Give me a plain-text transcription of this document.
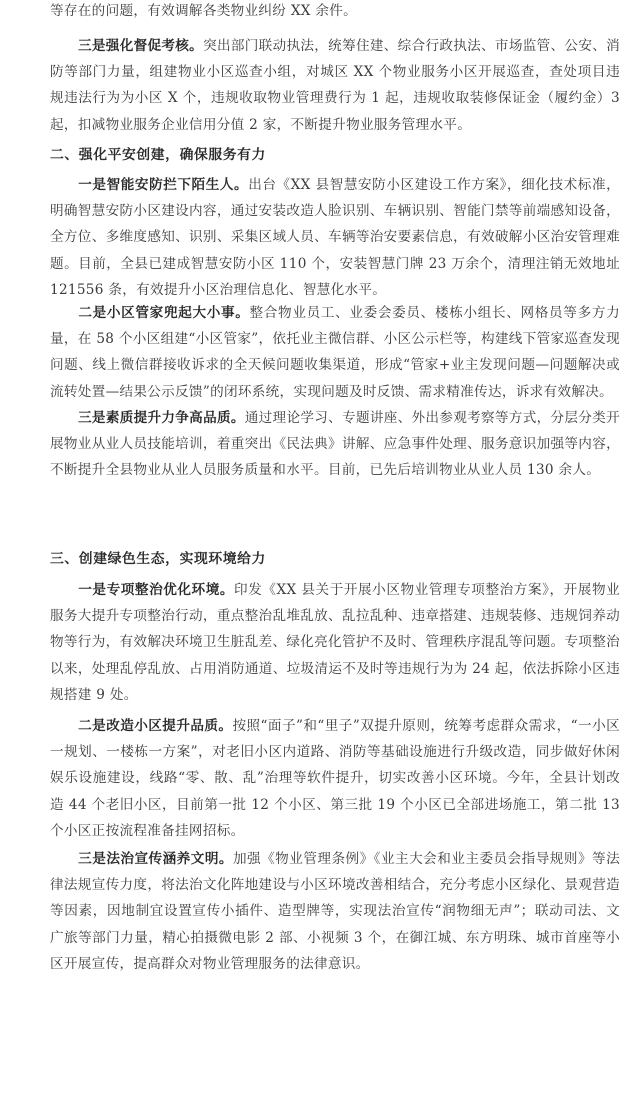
等存在的问题，有效调解各类物业纠纷 XX 余件。

三是强化督促考核。突出部门联动执法，统筹住建、综合行政执法、市场监管、公安、消防等部门力量，组建物业小区巡查小组，对城区 XX 个物业服务小区开展巡查，查处项目违规违法行为为小区 X 个，违规收取物业管理费行为 1 起，违规收取装修保证金（履约金）3 起，扣减物业服务企业信用分值 2 家，不断提升物业服务管理水平。

二、强化平安创建，确保服务有力

一是智能安防拦下陌生人。出台《XX 县智慧安防小区建设工作方案》，细化技术标准，明确智慧安防小区建设内容，通过安装改造人脸识别、车辆识别、智能门禁等前端感知设备，全方位、多维度感知、识别、采集区域人员、车辆等治安要素信息，有效破解小区治安管理难题。目前，全县已建成智慧安防小区 110 个，安装智慧门牌 23 万余个，清理注销无效地址 121556 条，有效提升小区治理信息化、智慧化水平。

二是小区管家兜起大小事。整合物业员工、业委会委员、楼栋小组长、网格员等多方力量，在 58 个小区组建“小区管家”，依托业主微信群、小区公示栏等，构建线下管家巡查发现问题、线上微信群接收诉求的全天候问题收集渠道，形成“管家+业主发现问题—问题解决或流转处置—结果公示反馈”的闭环系统，实现问题及时反馈、需求精准传达，诉求有效解决。

三是素质提升力争高品质。通过理论学习、专题讲座、外出参观考察等方式，分层分类开展物业从业人员技能培训，着重突出《民法典》讲解、应急事件处理、服务意识加强等内容，不断提升全县物业从业人员服务质量和水平。目前，已先后培训物业从业人员 130 余人。

三、创建绿色生态，实现环境给力

一是专项整治优化环境。印发《XX 县关于开展小区物业管理专项整治方案》，开展物业服务大提升专项整治行动，重点整治乱堆乱放、乱拉乱种、违章搭建、违规装修、违规饲养动物等行为，有效解决环境卫生脏乱差、绿化亮化管护不及时、管理秩序混乱等问题。专项整治以来，处理乱停乱放、占用消防通道、垃圾清运不及时等违规行为为 24 起，依法拆除小区违规搭建 9 处。

二是改造小区提升品质。按照“面子”和“里子”双提升原则，统筹考虑群众需求，“一小区一规划、一楼栋一方案”，对老旧小区内道路、消防等基础设施进行升级改造，同步做好休闲娱乐设施建设，线路“零、散、乱”治理等软件提升，切实改善小区环境。今年，全县计划改造 44 个老旧小区，目前第一批 12 个小区、第三批 19 个小区已全部进场施工，第二批 13 个小区正按流程准备挂网招标。

三是法治宣传涵养文明。加强《物业管理条例》《业主大会和业主委员会指导规则》等法律法规宣传力度，将法治文化阵地建设与小区环境改善相结合，充分考虑小区绿化、景观营造等因素，因地制宜设置宣传小插件、造型牌等，实现法治宣传“润物细无声”；联动司法、文广旅等部门力量，精心拍摄微电影 2 部、小视频 3 个，在御江城、东方明珠、城市首座等小区开展宣传，提高群众对物业管理服务的法律意识。
